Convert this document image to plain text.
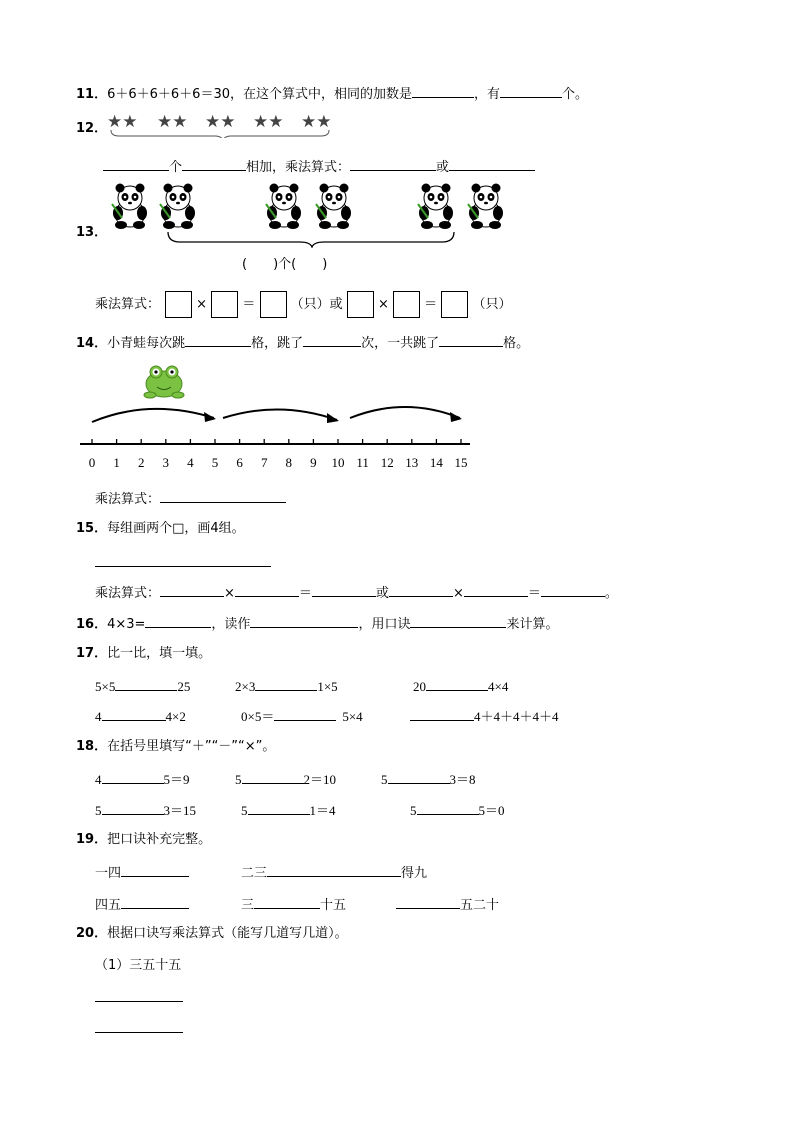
11．6＋6＋6＋6＋6＝30，在这个算式中，相同的加数是	，有	个。
12． ★★ ★★ ★★ ★★ ★★
个	相加，乘法算式：	或
13．
(　　)个(　　)
乘法算式：	×	＝	（只）或	×	＝	（只）
14．小青蛙每次跳	格，跳了	次，一共跳了	格。
0	1	2	3	4	5	6	7	8	9	10 11 12 13 14 15
乘法算式：
15．每组画两个□，画4组。
乘法算式：	×	＝	或	×	＝	。
16．4×3=	，读作	，用口诀	来计算。
17．比一比，填一填。
5×5	25	2×3	1×5	20	4×4
4	4×2	0×5＝	5×4	4＋4＋4＋4＋4
18．在括号里填写“＋”“－”“×”。
4	5＝9	5	2＝10	5	3＝8
5	3＝15	5	1＝4	5	5＝0
19．把口诀补充完整。
一四	二三	得九
四五	三	十五	五二十
20．根据口诀写乘法算式（能写几道写几道）。
（1）三五十五
